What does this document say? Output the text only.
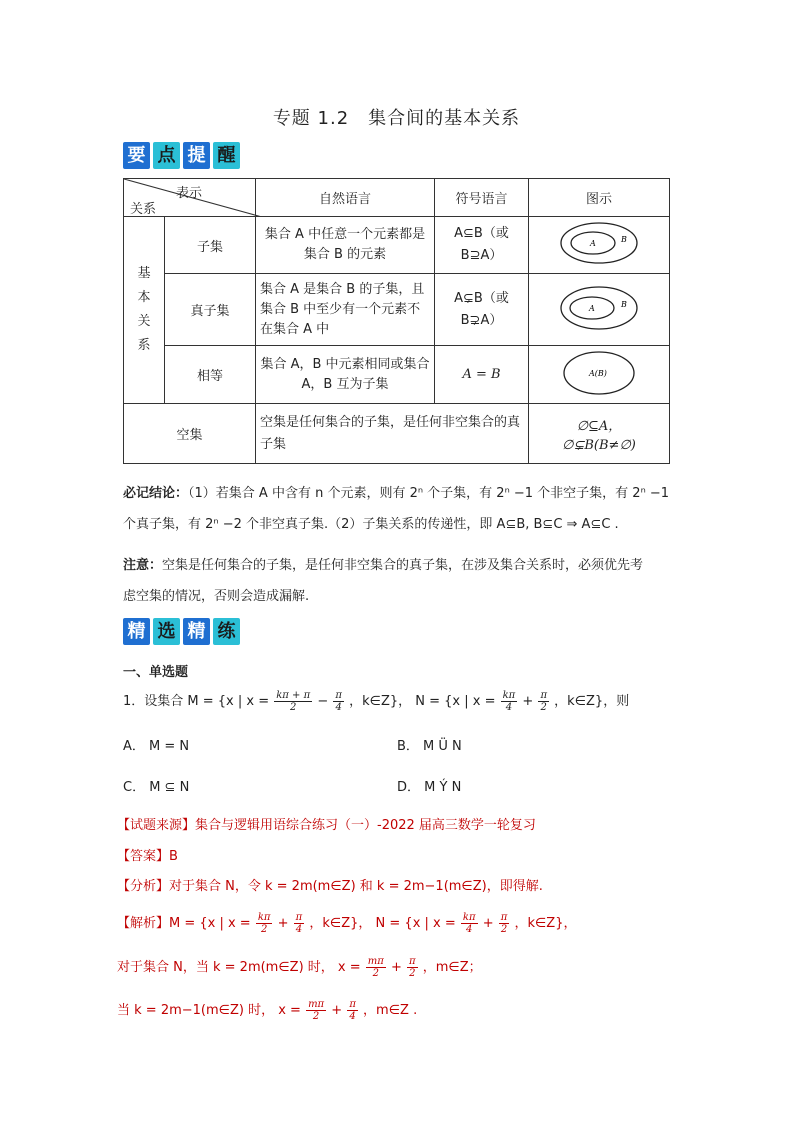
专题 1.2　集合间的基本关系
要 点 提 醒
表示
关系		自然语言	符号语言	图示
基本关系	子集	集合 A 中任意一个元素都是集合 B 的元素	A⊆B（或B⊇A）	A B

	真子集	集合 A 是集合 B 的子集，且集合 B 中至少有一个元素不在集合 A 中	A⊊B（或B⊋A）	A B

	相等	集合 A，B 中元素相同或集合 A，B 互为子集	A = B	A(B)

空集		空集是任何集合的子集，是任何非空集合的真子集		∅⊆A，
∅⊊B(B≠∅)
必记结论：（1）若集合 A 中含有 n 个元素，则有 2ⁿ 个子集，有 2ⁿ −1 个非空子集，有 2ⁿ −1
个真子集，有 2ⁿ −2 个非空真子集.（2）子集关系的传递性，即 A⊆B, B⊆C ⇒ A⊆C .
注意：空集是任何集合的子集，是任何非空集合的真子集，在涉及集合关系时，必须优先考
虑空集的情况，否则会造成漏解.
精 选 精 练
一、单选题
1．设集合 M = {x | $x = \frac{k\pi + \pi}{2} - \frac{\pi}{4}$ ，k∈Z}， N = {x | $x = \frac{k\pi}{4} + \frac{\pi}{2}$ ，k∈Z}，则
A． M = N	B． M Ü N
C． M ⊆ N	D． M Ý N
【试题来源】集合与逻辑用语综合练习（一）-2022 届高三数学一轮复习
【答案】B
【分析】对于集合 N，令 k = 2m(m∈Z) 和 k = 2m−1(m∈Z)，即得解.
【解析】M = {x | $x = \frac{k\pi}{2} + \frac{\pi}{4}$ ，k∈Z}， N = {x | $x = \frac{k\pi}{4} + \frac{\pi}{2}$ ，k∈Z}，
对于集合 N，当 k = 2m(m∈Z) 时， $x = \frac{m\pi}{2} + \frac{\pi}{2}$ ，m∈Z；
当 k = 2m−1(m∈Z) 时， $x = \frac{m\pi}{2} + \frac{\pi}{4}$ ，m∈Z .
